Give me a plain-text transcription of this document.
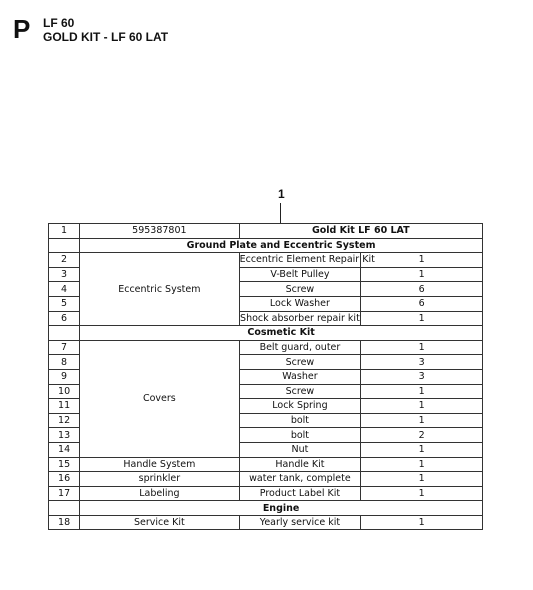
P LF 60
GOLD KIT - LF 60 LAT
1
1	595387801	Gold Kit LF 60 LAT	
	Ground Plate and Eccentric System		
2	Eccentric System	Eccentric Element Repair Kit	1
3		V-Belt Pulley	1
4		Screw	6
5		Lock Washer	6
6		Shock absorber repair kit	1
	Cosmetic Kit		
7	Covers	Belt guard, outer	1
8		Screw	3
9		Washer	3
10		Screw	1
11		Lock Spring	1
12		bolt	1
13		bolt	2
14		Nut	1
15	Handle System	Handle Kit	1
16	sprinkler	water tank, complete	1
17	Labeling	Product Label Kit	1
	Engine		
18	Service Kit	Yearly service kit	1
